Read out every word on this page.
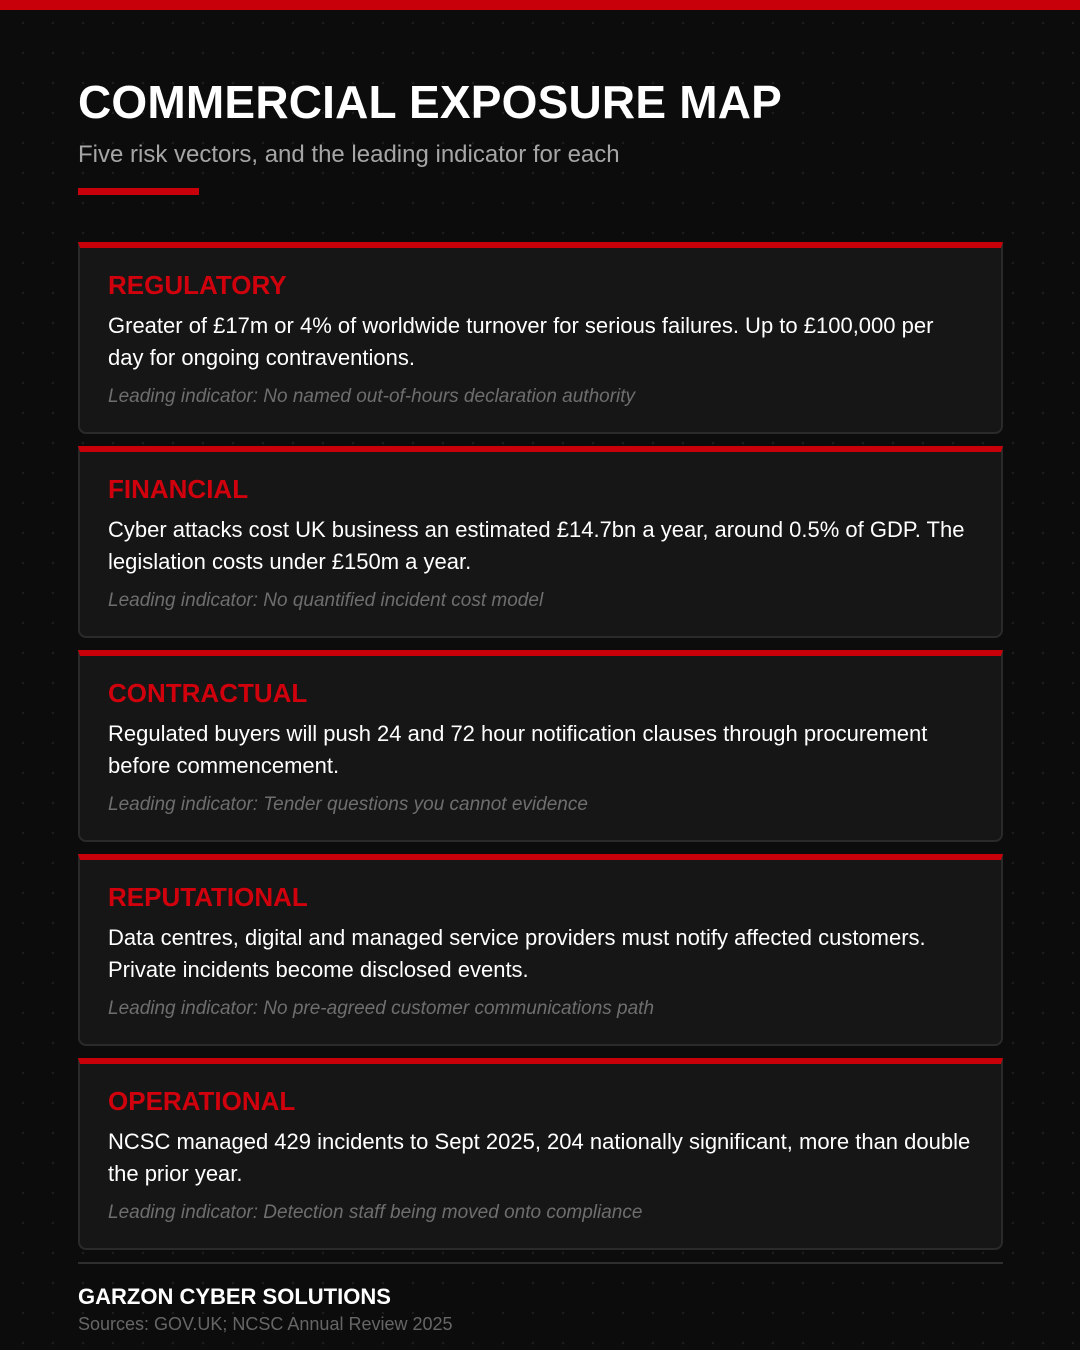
COMMERCIAL EXPOSURE MAP
Five risk vectors, and the leading indicator for each
REGULATORY
Greater of £17m or 4% of worldwide turnover for serious failures. Up to £100,000 per day for ongoing contraventions.
Leading indicator: No named out-of-hours declaration authority
FINANCIAL
Cyber attacks cost UK business an estimated £14.7bn a year, around 0.5% of GDP. The legislation costs under £150m a year.
Leading indicator: No quantified incident cost model
CONTRACTUAL
Regulated buyers will push 24 and 72 hour notification clauses through procurement before commencement.
Leading indicator: Tender questions you cannot evidence
REPUTATIONAL
Data centres, digital and managed service providers must notify affected customers. Private incidents become disclosed events.
Leading indicator: No pre-agreed customer communications path
OPERATIONAL
NCSC managed 429 incidents to Sept 2025, 204 nationally significant, more than double the prior year.
Leading indicator: Detection staff being moved onto compliance
GARZON CYBER SOLUTIONS
Sources: GOV.UK; NCSC Annual Review 2025
